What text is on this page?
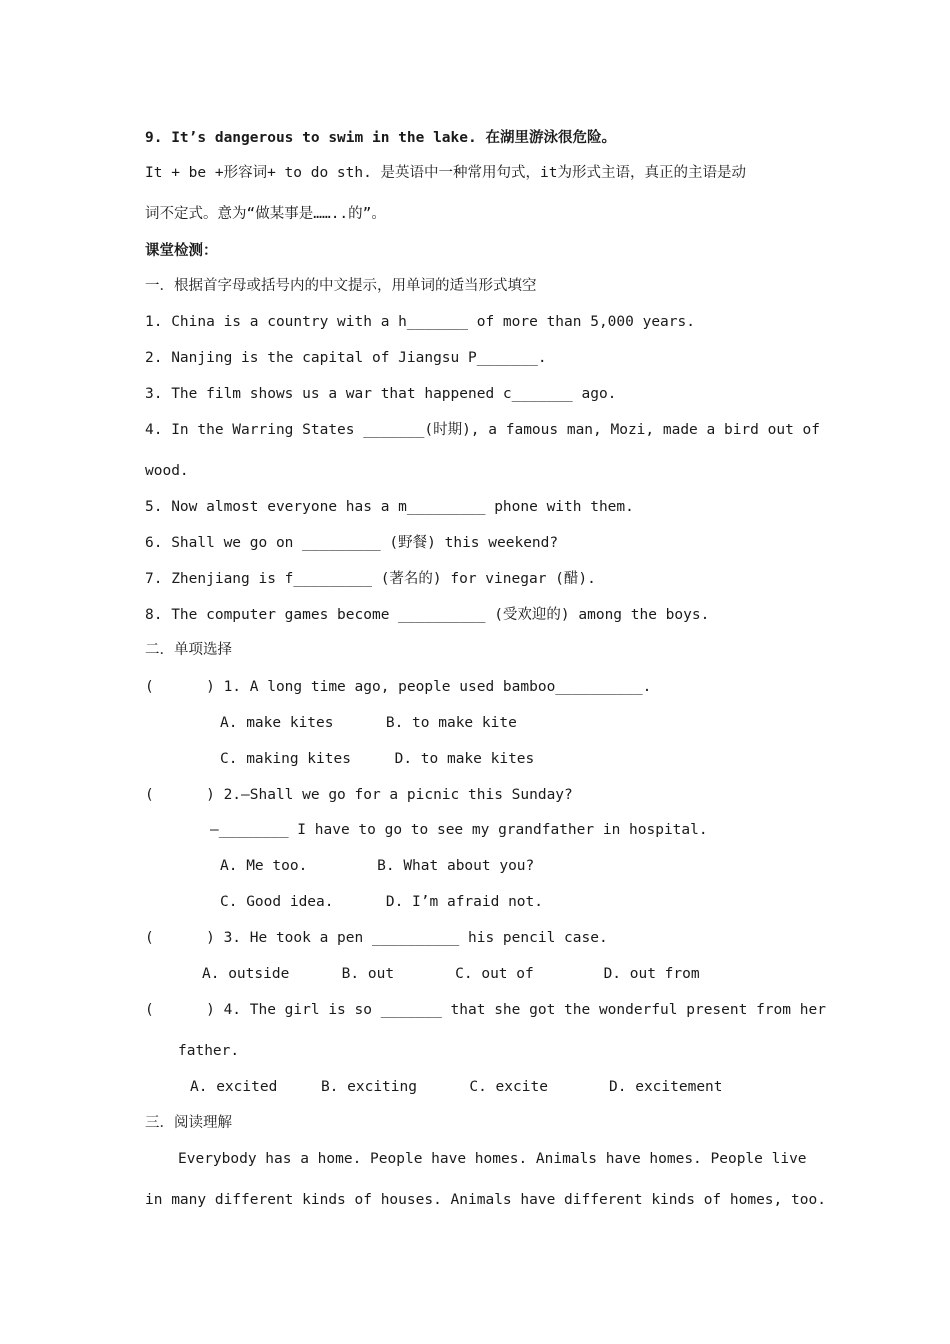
9. It’s dangerous to swim in the lake. 在湖里游泳很危险。
It + be +形容词+ to do sth. 是英语中一种常用句式，it为形式主语，真正的主语是动
词不定式。意为“做某事是……..的”。
课堂检测：
一．根据首字母或括号内的中文提示，用单词的适当形式填空
1. China is a country with a h_______ of more than 5,000 years.
2. Nanjing is the capital of Jiangsu P_______.
3. The film shows us a war that happened c_______ ago.
4. In the Warring States _______(时期), a famous man, Mozi, made a bird out of
wood.
5. Now almost everyone has a m_________ phone with them.
6. Shall we go on _________ (野餐) this weekend?
7. Zhenjiang is f_________ (著名的) for vinegar (醋).
8. The computer games become __________ (受欢迎的) among the boys.
二．单项选择
(      ) 1. A long time ago, people used bamboo__________.
A. make kites      B. to make kite
C. making kites     D. to make kites
(      ) 2.—Shall we go for a picnic this Sunday?
—________ I have to go to see my grandfather in hospital.
A. Me too.        B. What about you?
C. Good idea.      D. I’m afraid not.
(      ) 3. He took a pen __________ his pencil case.
A. outside      B. out       C. out of        D. out from
(      ) 4. The girl is so _______ that she got the wonderful present from her
father.
A. excited     B. exciting      C. excite       D. excitement
三．阅读理解
Everybody has a home. People have homes. Animals have homes. People live
in many different kinds of houses. Animals have different kinds of homes, too.
